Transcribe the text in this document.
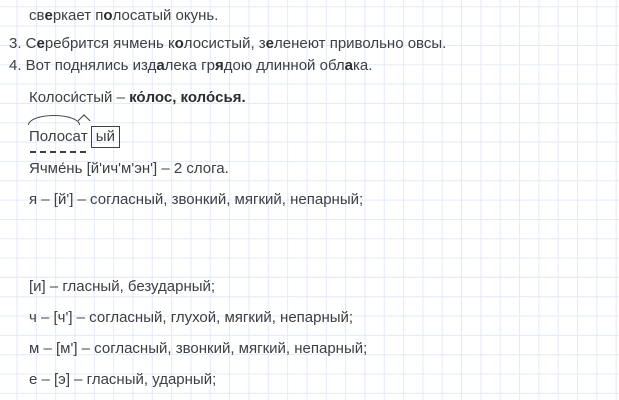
сверкает полосатый окунь.
3. Серебрится ячмень колосистый, зеленеют привольно овсы.
4. Вот поднялись издалека грядою длинной облака.
Колоси́стый – ко́лос, коло́сья.
Полоса
т ый
Ячме́нь [й'ич'м'эн'] – 2 слога.
я – [й'] – согласный, звонкий, мягкий, непарный;
[и] – гласный, безударный;
ч – [ч'] – согласный, глухой, мягкий, непарный;
м – [м'] – согласный, звонкий, мягкий, непарный;
е – [э] – гласный, ударный;
